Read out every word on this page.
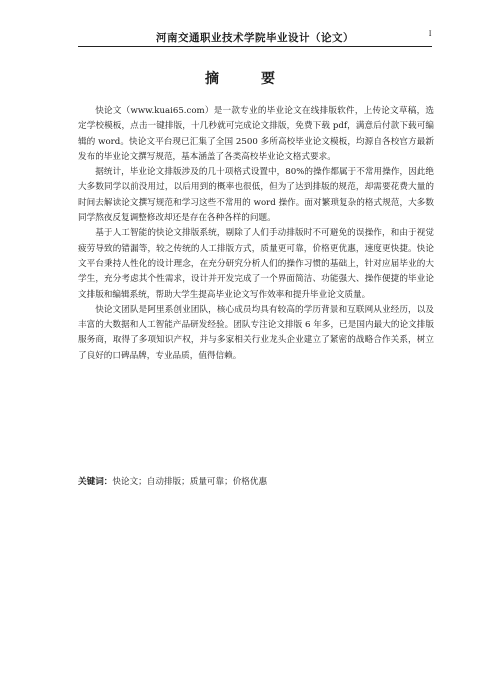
河南交通职业技术学院毕业设计（论文）	I
摘　要

快论文（www.kuai65.com）是一款专业的毕业论文在线排版软件，上传论文草稿，选定学校模板，点击一键排版，十几秒就可完成论文排版，免费下载 pdf，满意后付款下载可编辑的 word。快论文平台现已汇集了全国 2500 多所高校毕业论文模板，均源自各校官方最新发布的毕业论文撰写规范，基本涵盖了各类高校毕业论文格式要求。

据统计，毕业论文排版涉及的几十项格式设置中，80%的操作都属于不常用操作，因此绝大多数同学以前没用过，以后用到的概率也很低，但为了达到排版的规范，却需要花费大量的时间去解读论文撰写规范和学习这些不常用的 word 操作。面对繁琐复杂的格式规范，大多数同学熬夜反复调整修改却还是存在各种各样的问题。

基于人工智能的快论文排版系统，剔除了人们手动排版时不可避免的误操作，和由于视觉疲劳导致的错漏等，较之传统的人工排版方式，质量更可靠，价格更优惠，速度更快捷。快论文平台秉持人性化的设计理念，在充分研究分析人们的操作习惯的基础上，针对应届毕业的大学生，充分考虑其个性需求，设计并开发完成了一个界面简洁、功能强大、操作便捷的毕业论文排版和编辑系统，帮助大学生提高毕业论文写作效率和提升毕业论文质量。

快论文团队是阿里系创业团队，核心成员均具有较高的学历背景和互联网从业经历，以及丰富的大数据和人工智能产品研发经验。团队专注论文排版 6 年多，已是国内最大的论文排版服务商，取得了多项知识产权，并与多家相关行业龙头企业建立了紧密的战略合作关系，树立了良好的口碑品牌，专业品质，值得信赖。

关键词：快论文；自动排版；质量可靠；价格优惠
